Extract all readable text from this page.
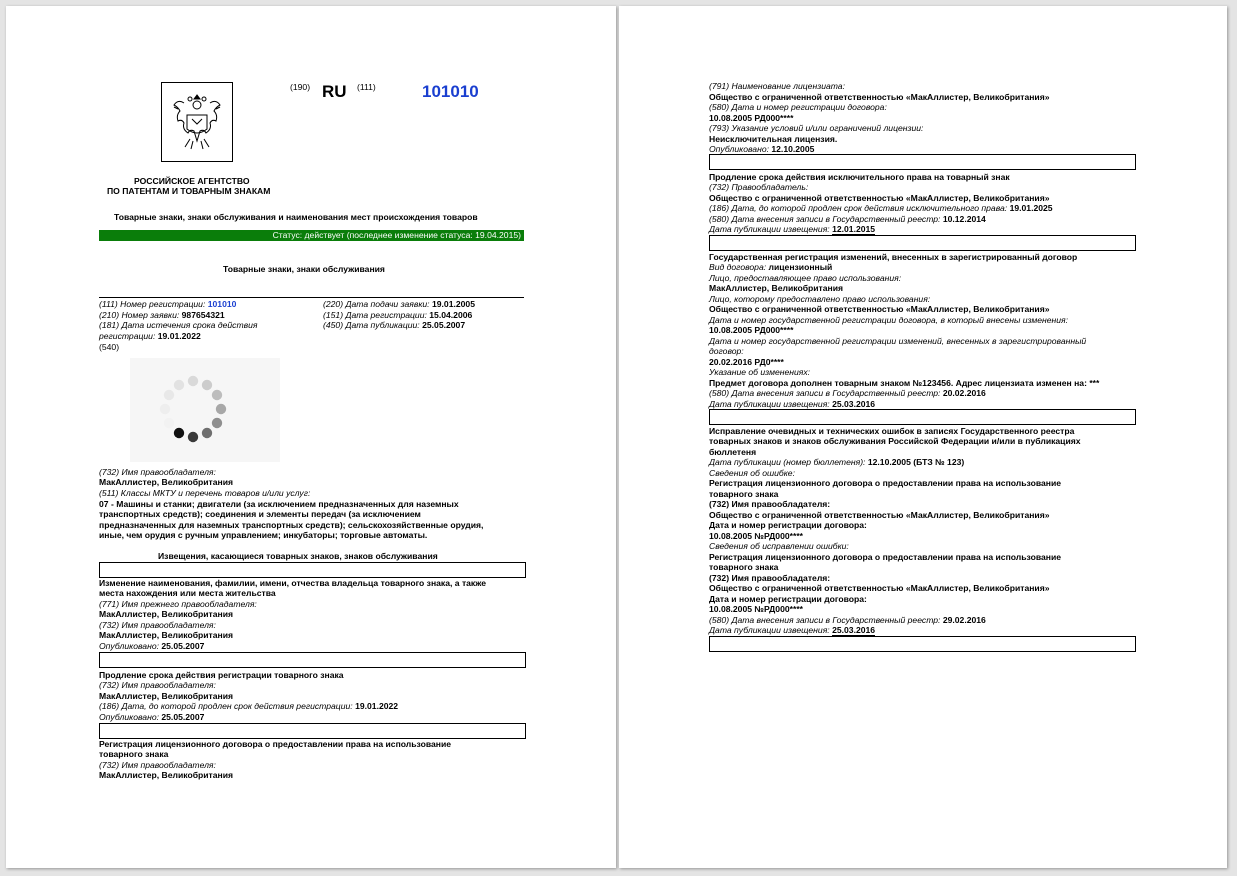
(190) RU (111)	101010
РОССИЙСКОЕ АГЕНТСТВО
ПО ПАТЕНТАМ И ТОВАРНЫМ ЗНАКАМ
Товарные знаки, знаки обслуживания и наименования мест происхождения товаров
Статус: действует (последнее изменение статуса: 19.04.2015)
Товарные знаки, знаки обслуживания
(111) Номер регистрации: 101010
(210) Номер заявки: 987654321
(181) Дата истечения срока действия
регистрации: 19.01.2022
(540)
(220) Дата подачи заявки: 19.01.2005
(151) Дата регистрации: 15.04.2006
(450) Дата публикации: 25.05.2007
(732) Имя правообладателя:
МакАллистер, Великобритания
(511) Классы МКТУ и перечень товаров и/или услуг:
07 - Машины и станки; двигатели (за исключением предназначенных для наземных
транспортных средств); соединения и элементы передач (за исключением
предназначенных для наземных транспортных средств); сельскохозяйственные орудия,
иные, чем орудия с ручным управлением; инкубаторы; торговые автоматы.
Извещения, касающиеся товарных знаков, знаков обслуживания
Изменение наименования, фамилии, имени, отчества владельца товарного знака, а также
места нахождения или места жительства
(771) Имя прежнего правообладателя:
МакАллистер, Великобритания
(732) Имя правообладателя:
МакАллистер, Великобритания
Опубликовано: 25.05.2007
Продление срока действия регистрации товарного знака
(732) Имя правообладателя:
МакАллистер, Великобритания
(186) Дата, до которой продлен срок действия регистрации: 19.01.2022
Опубликовано: 25.05.2007
Регистрация лицензионного договора о предоставлении права на использование
товарного знака
(732) Имя правообладателя:
МакАллистер, Великобритания
(791) Наименование лицензиата:
Общество с ограниченной ответственностью «МакАллистер, Великобритания»
(580) Дата и номер регистрации договора:
10.08.2005 РД000****
(793) Указание условий и/или ограничений лицензии:
Неисключительная лицензия.
Опубликовано: 12.10.2005
Продление срока действия исключительного права на товарный знак
(732) Правообладатель:
Общество с ограниченной ответственностью «МакАллистер, Великобритания»
(186) Дата, до которой продлен срок действия исключительного права: 19.01.2025
(580) Дата внесения записи в Государственный реестр: 10.12.2014
Дата публикации извещения: 12.01.2015
Государственная регистрация изменений, внесенных в зарегистрированный договор
Вид договора: лицензионный
Лицо, предоставляющее право использования:
МакАллистер, Великобритания
Лицо, которому предоставлено право использования:
Общество с ограниченной ответственностью «МакАллистер, Великобритания»
Дата и номер государственной регистрации договора, в который внесены изменения:
10.08.2005 РД000****
Дата и номер государственной регистрации изменений, внесенных в зарегистрированный
договор:
20.02.2016 РД0****
Указание об изменениях:
Предмет договора дополнен товарным знаком №123456. Адрес лицензиата изменен на: ***
(580) Дата внесения записи в Государственный реестр: 20.02.2016
Дата публикации извещения: 25.03.2016
Исправление очевидных и технических ошибок в записях Государственного реестра
товарных знаков и знаков обслуживания Российской Федерации и/или в публикациях
бюллетеня
Дата публикации (номер бюллетеня): 12.10.2005 (БТЗ № 123)
Сведения об ошибке:
Регистрация лицензионного договора о предоставлении права на использование
товарного знака
(732) Имя правообладателя:
Общество с ограниченной ответственностью «МакАллистер, Великобритания»
Дата и номер регистрации договора:
10.08.2005 №РД000****
Сведения об исправлении ошибки:
Регистрация лицензионного договора о предоставлении права на использование
товарного знака
(732) Имя правообладателя:
Общество с ограниченной ответственностью «МакАллистер, Великобритания»
Дата и номер регистрации договора:
10.08.2005 №РД000****
(580) Дата внесения записи в Государственный реестр: 29.02.2016
Дата публикации извещения: 25.03.2016
